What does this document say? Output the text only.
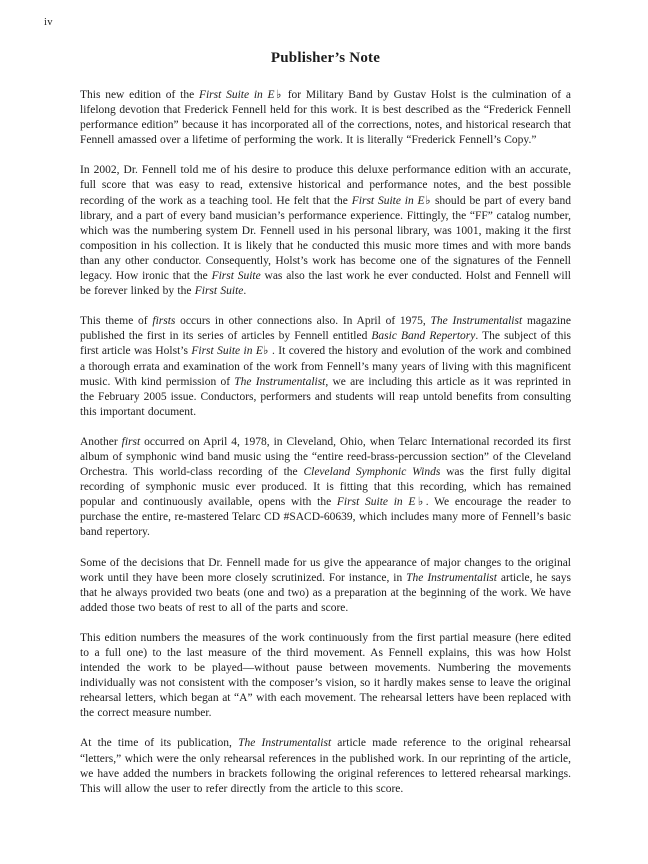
iv
Publisher’s Note

This new edition of the First Suite in E♭ for Military Band by Gustav Holst is the culmination of a lifelong devotion that Frederick Fennell held for this work. It is best described as the “Frederick Fennell performance edition” because it has incorporated all of the corrections, notes, and historical research that Fennell amassed over a lifetime of performing the work. It is literally “Frederick Fennell’s Copy.”

In 2002, Dr. Fennell told me of his desire to produce this deluxe performance edition with an accurate, full score that was easy to read, extensive historical and performance notes, and the best possible recording of the work as a teaching tool. He felt that the First Suite in E♭ should be part of every band library, and a part of every band musician’s performance experience. Fittingly, the “FF” catalog number, which was the numbering system Dr. Fennell used in his personal library, was 1001, making it the first composition in his collection. It is likely that he conducted this music more times and with more bands than any other conductor. Consequently, Holst’s work has become one of the signatures of the Fennell legacy. How ironic that the First Suite was also the last work he ever conducted. Holst and Fennell will be forever linked by the First Suite.

This theme of firsts occurs in other connections also. In April of 1975, The Instrumentalist magazine published the first in its series of articles by Fennell entitled Basic Band Repertory. The subject of this first article was Holst’s First Suite in E♭ . It covered the history and evolution of the work and combined a thorough errata and examination of the work from Fennell’s many years of living with this magnificent music. With kind permission of The Instrumentalist, we are including this article as it was reprinted in the February 2005 issue. Conductors, performers and students will reap untold benefits from consulting this important document.

Another first occurred on April 4, 1978, in Cleveland, Ohio, when Telarc International recorded its first album of symphonic wind band music using the “entire reed-brass-percussion section” of the Cleveland Orchestra. This world-class recording of the Cleveland Symphonic Winds was the first fully digital recording of symphonic music ever produced. It is fitting that this recording, which has remained popular and continuously available, opens with the First Suite in E♭. We encourage the reader to purchase the entire, re-mastered Telarc CD #SACD-60639, which includes many more of Fennell’s basic band repertory.

Some of the decisions that Dr. Fennell made for us give the appearance of major changes to the original work until they have been more closely scrutinized. For instance, in The Instrumentalist article, he says that he always provided two beats (one and two) as a preparation at the beginning of the work. We have added those two beats of rest to all of the parts and score.

This edition numbers the measures of the work continuously from the first partial measure (here edited to a full one) to the last measure of the third movement. As Fennell explains, this was how Holst intended the work to be played—without pause between movements. Numbering the movements individually was not consistent with the composer’s vision, so it hardly makes sense to leave the original rehearsal letters, which began at “A” with each movement. The rehearsal letters have been replaced with the correct measure number.

At the time of its publication, The Instrumentalist article made reference to the original rehearsal “letters,” which were the only rehearsal references in the published work. In our reprinting of the article, we have added the numbers in brackets following the original references to lettered rehearsal markings. This will allow the user to refer directly from the article to this score.
